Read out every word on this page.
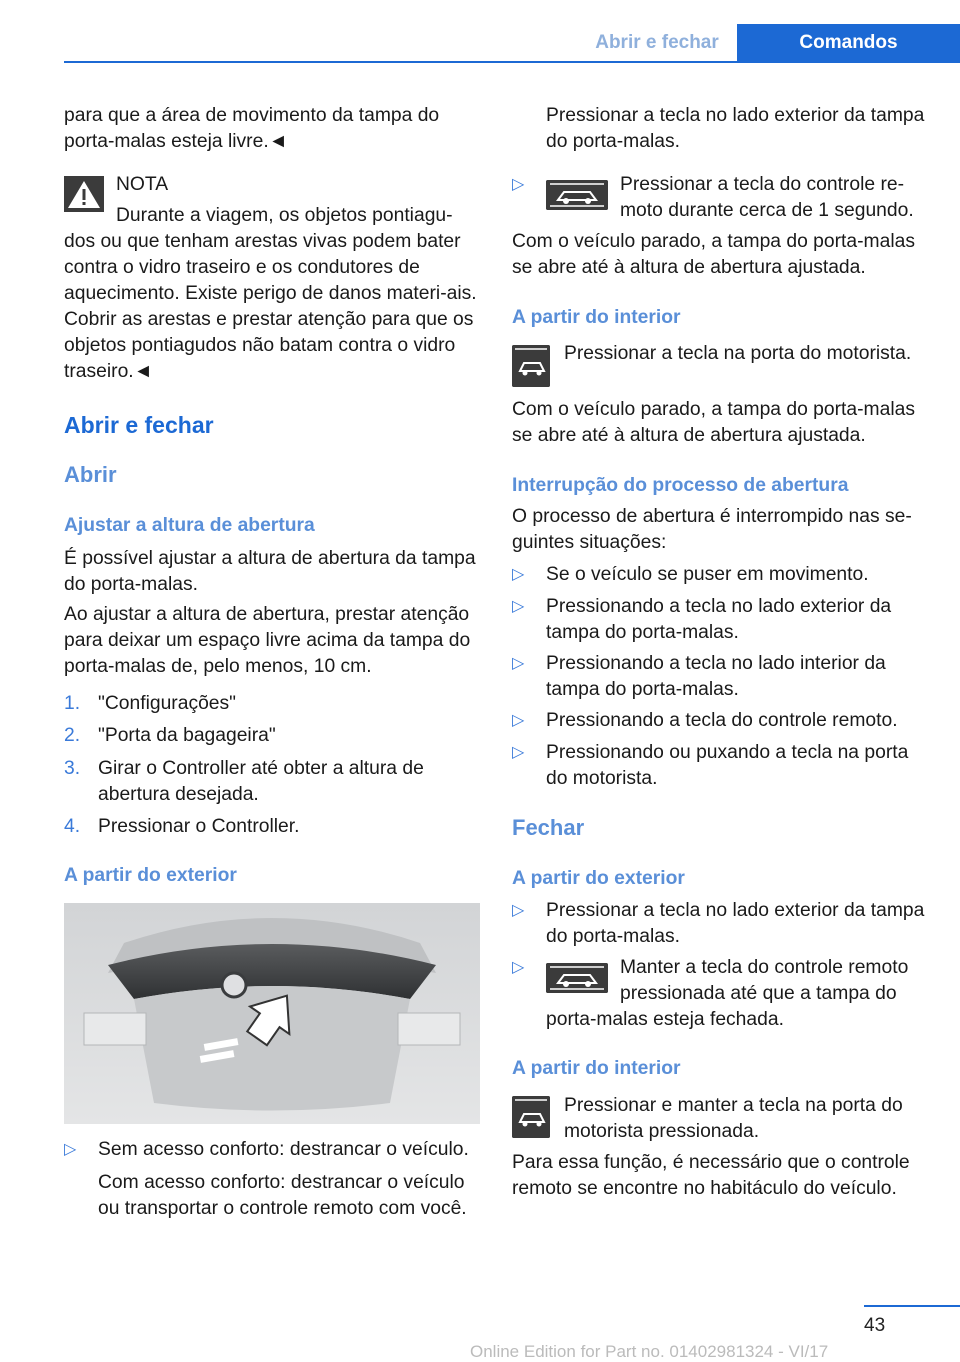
Abrir e fechar	Comandos
para que a área de movimento da tampa do porta-malas esteja livre.◄
NOTA
Durante a viagem, os objetos pontiagu-
dos ou que tenham arestas vivas podem bater contra o vidro traseiro e os condutores de aquecimento. Existe perigo de danos materi-ais. Cobrir as arestas e prestar atenção para que os objetos pontiagudos não batam contra o vidro traseiro.◄
Abrir e fechar
Abrir
Ajustar a altura de abertura
É possível ajustar a altura de abertura da tampa do porta-malas.
Ao ajustar a altura de abertura, prestar atenção para deixar um espaço livre acima da tampa do porta-malas de, pelo menos, 10 cm.
1. "Configurações"
2. "Porta da bagageira"
3. Girar o Controller até obter a altura de abertura desejada.
4. Pressionar o Controller.
A partir do exterior
▷	Sem acesso conforto: destrancar o veículo.
Com acesso conforto: destrancar o veículo ou transportar o controle remoto com você.
Pressionar a tecla no lado exterior da tampa do porta-malas.
▷	Pressionar a tecla do controle re-moto durante cerca de 1 segundo.
Com o veículo parado, a tampa do porta-malas se abre até à altura de abertura ajustada.
A partir do interior
Pressionar a tecla na porta do motorista.
Com o veículo parado, a tampa do porta-malas se abre até à altura de abertura ajustada.
Interrupção do processo de abertura
O processo de abertura é interrompido nas se-guintes situações:
▷	Se o veículo se puser em movimento.
▷	Pressionando a tecla no lado exterior da tampa do porta-malas.
▷	Pressionando a tecla no lado interior da tampa do porta-malas.
▷	Pressionando a tecla do controle remoto.
▷	Pressionando ou puxando a tecla na porta do motorista.
Fechar
A partir do exterior
▷	Pressionar a tecla no lado exterior da tampa do porta-malas.
▷	Manter a tecla do controle remoto pressionada até que a tampa do
porta-malas esteja fechada.
A partir do interior
Pressionar e manter a tecla na porta do motorista pressionada.
Para essa função, é necessário que o controle remoto se encontre no habitáculo do veículo.
43
Online Edition for Part no. 01402981324 - VI/17
